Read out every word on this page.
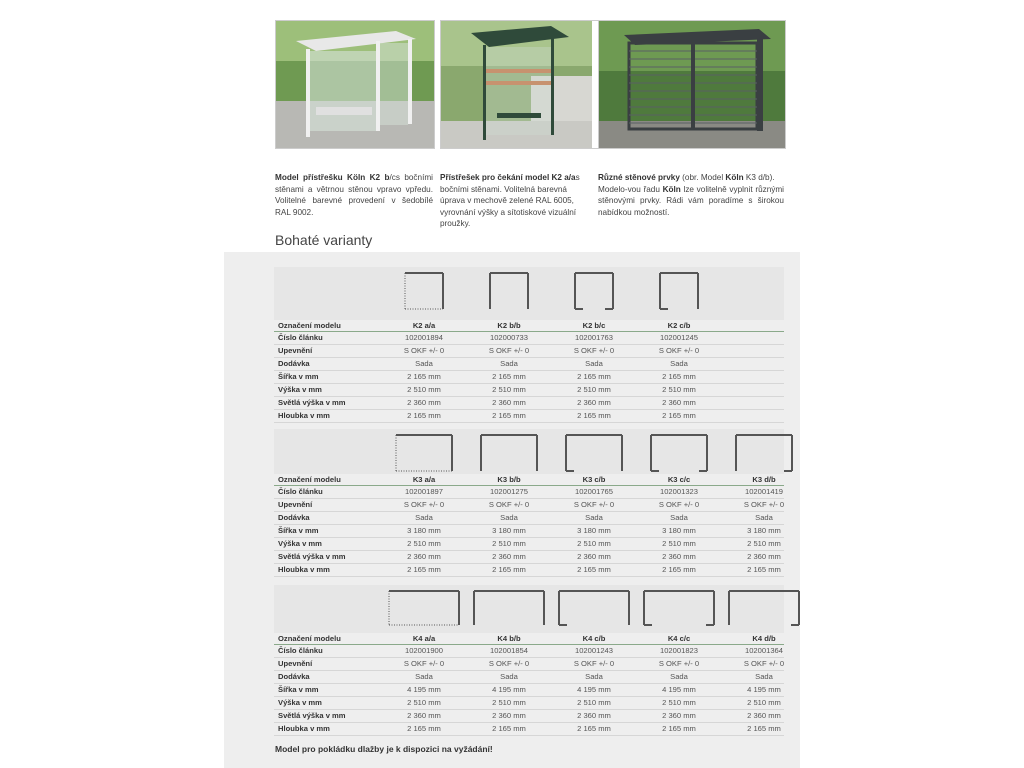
Model přístřešku Köln K2 b/cs bočními stěnami a větrnou stěnou vpravo vpředu. Volitelné barevné provedení v šedobílé RAL 9002.
Přístřešek pro čekání model K2 a/as bočními stěnami. Volitelná barevná úprava v mechově zelené RAL 6005, vyrovnání výšky a sítotiskové vizuální proužky.
Různé stěnové prvky (obr. Model Köln K3 d/b).
Modelo-vou řadu Köln lze volitelně vyplnit různými stěnovými prvky. Rádi vám poradíme s širokou nabídkou možností.
Bohaté varianty
Označení modelu	K2 a/a	K2 b/b	K2 b/c	K2 c/b
Číslo článku	102001894	102000733	102001763	102001245
Upevnění	S OKF +/- 0	S OKF +/- 0	S OKF +/- 0	S OKF +/- 0
Dodávka	Sada	Sada	Sada	Sada
Šířka v mm	2 165 mm	2 165 mm	2 165 mm	2 165 mm
Výška v mm	2 510 mm	2 510 mm	2 510 mm	2 510 mm
Světlá výška v mm	2 360 mm	2 360 mm	2 360 mm	2 360 mm
Hloubka v mm	2 165 mm	2 165 mm	2 165 mm	2 165 mm
Označení modelu	K3 a/a	K3 b/b	K3 c/b	K3 c/c	K3 d/b
Číslo článku	102001897	102001275	102001765	102001323	102001419
Upevnění	S OKF +/- 0	S OKF +/- 0	S OKF +/- 0	S OKF +/- 0	S OKF +/- 0
Dodávka	Sada	Sada	Sada	Sada	Sada
Šířka v mm	3 180 mm	3 180 mm	3 180 mm	3 180 mm	3 180 mm
Výška v mm	2 510 mm	2 510 mm	2 510 mm	2 510 mm	2 510 mm
Světlá výška v mm	2 360 mm	2 360 mm	2 360 mm	2 360 mm	2 360 mm
Hloubka v mm	2 165 mm	2 165 mm	2 165 mm	2 165 mm	2 165 mm
Označení modelu	K4 a/a	K4 b/b	K4 c/b	K4 c/c	K4 d/b
Číslo článku	102001900	102001854	102001243	102001823	102001364
Upevnění	S OKF +/- 0	S OKF +/- 0	S OKF +/- 0	S OKF +/- 0	S OKF +/- 0
Dodávka	Sada	Sada	Sada	Sada	Sada
Šířka v mm	4 195 mm	4 195 mm	4 195 mm	4 195 mm	4 195 mm
Výška v mm	2 510 mm	2 510 mm	2 510 mm	2 510 mm	2 510 mm
Světlá výška v mm	2 360 mm	2 360 mm	2 360 mm	2 360 mm	2 360 mm
Hloubka v mm	2 165 mm	2 165 mm	2 165 mm	2 165 mm	2 165 mm
Model pro pokládku dlažby je k dispozici na vyžádání!
